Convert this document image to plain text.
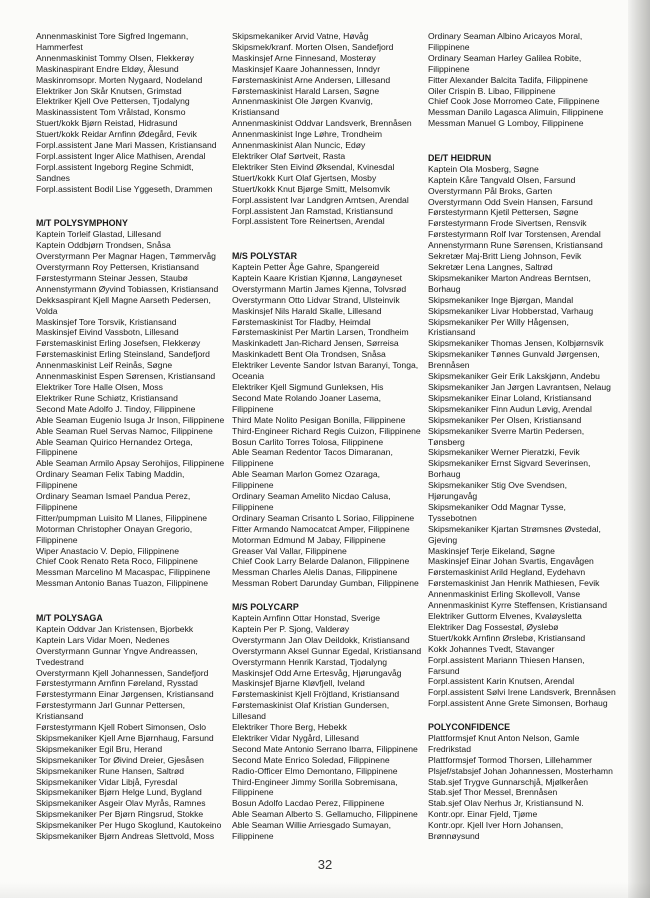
Annenmaskinist Tore Sigfred Ingemann,
Hammerfest
Annenmaskinist Tommy Olsen, Flekkerøy
Maskinaspirant Endre Eldøy, Ålesund
Maskinromsopr. Morten Nygaard, Nodeland
Elektriker Jon Skår Knutsen, Grimstad
Elektriker Kjell Ove Pettersen, Tjodalyng
Maskinassistent Tom Vrålstad, Konsmo
Stuert/kokk Bjørn Reistad, Hidrasund
Stuert/kokk Reidar Arnfinn Ødegård, Fevik
Forpl.assistent Jane Mari Massen, Kristiansand
Forpl.assistent Inger Alice Mathisen, Arendal
Forpl.assistent Ingeborg Regine Schmidt,
Sandnes
Forpl.assistent Bodil Lise Yggeseth, Drammen
M/T POLYSYMPHONY
Kaptein Torleif Glastad, Lillesand
Kaptein Oddbjørn Trondsen, Snåsa
Overstyrmann Per Magnar Hagen, Tømmervåg
Overstyrmann Roy Pettersen, Kristiansand
Førstestyrmann Steinar Jessen, Staubø
Annenstyrmann Øyvind Tobiassen, Kristiansand
Dekksaspirant Kjell Magne Aarseth Pedersen,
Volda
Maskinsjef Tore Torsvik, Kristiansand
Maskinsjef Eivind Vassbotn, Lillesand
Førstemaskinist Erling Josefsen, Flekkerøy
Førstemaskinist Erling Steinsland, Sandefjord
Annenmaskinist Leif Reinås, Søgne
Annenmaskinist Espen Sørensen, Kristiansand
Elektriker Tore Halle Olsen, Moss
Elektriker Rune Schiøtz, Kristiansand
Second Mate Adolfo J. Tindoy, Filippinene
Able Seaman Eugenio Isuga Jr Inson, Filippinene
Able Seaman Ruel Servas Namoc, Filippinene
Able Seaman Quirico Hernandez Ortega,
Filippinene
Able Seaman Armilo Apsay Serohijos, Filippinene
Ordinary Seaman Felix Tabing Maddin,
Filippinene
Ordinary Seaman Ismael Pandua Perez,
Filippinene
Fitter/pumpman Luisito M Llanes, Filippinene
Motorman Christopher Onayan Gregorio,
Filippinene
Wiper Anastacio V. Depio, Filippinene
Chief Cook Renato Reta Roco, Filippinene
Messman Marcelino M Macaspac, Filippinene
Messman Antonio Banas Tuazon, Filippinene
M/T POLYSAGA
Kaptein Oddvar Jan Kristensen, Bjorbekk
Kaptein Lars Vidar Moen, Nedenes
Overstyrmann Gunnar Yngve Andreassen,
Tvedestrand
Overstyrmann Kjell Johannessen, Sandefjord
Førstestyrmann Arnfinn Føreland, Rysstad
Førstestyrmann Einar Jørgensen, Kristiansand
Førstestyrmann Jarl Gunnar Pettersen,
Kristiansand
Førstestyrmann Kjell Robert Simonsen, Oslo
Skipsmekaniker Kjell Arne Bjørnhaug, Farsund
Skipsmekaniker Egil Bru, Herand
Skipsmekaniker Tor Øivind Dreier, Gjesåsen
Skipsmekaniker Rune Hansen, Saltrød
Skipsmekaniker Vidar Libjå, Fyresdal
Skipsmekaniker Bjørn Helge Lund, Bygland
Skipsmekaniker Asgeir Olav Myrås, Ramnes
Skipsmekaniker Per Bjørn Ringsrud, Stokke
Skipsmekaniker Per Hugo Skoglund, Kautokeino
Skipsmekaniker Bjørn Andreas Slettvold, Moss
Skipsmekaniker Arvid Vatne, Høvåg
Skipsmek/kranf. Morten Olsen, Sandefjord
Maskinsjef Arne Finnesand, Mosterøy
Maskinsjef Kaare Johannessen, Inndyr
Førstemaskinist Arne Andersen, Lillesand
Førstemaskinist Harald Larsen, Søgne
Annenmaskinist Ole Jørgen Kvanvig,
Kristiansand
Annenmaskinist Oddvar Landsverk, Brennåsen
Annenmaskinist Inge Løhre, Trondheim
Annenmaskinist Alan Nuncic, Edøy
Elektriker Olaf Sørtveit, Rasta
Elektriker Sten Eivind Øksendal, Kvinesdal
Stuert/kokk Kurt Olaf Gjertsen, Mosby
Stuert/kokk Knut Bjørge Smitt, Melsomvik
Forpl.assistent Ivar Landgren Arntsen, Arendal
Forpl.assistent Jan Ramstad, Kristiansund
Forpl.assistent Tore Reinertsen, Arendal
M/S POLYSTAR
Kaptein Petter Åge Gahre, Spangereid
Kaptein Kaare Kristian Kjønnø, Langøyneset
Overstyrmann Martin James Kjenna, Tolvsrød
Overstyrmann Otto Lidvar Strand, Ulsteinvik
Maskinsjef Nils Harald Skalle, Lillesand
Førstemaskinist Tor Fladby, Heimdal
Førstemaskinist Per Martin Larsen, Trondheim
Maskinkadett Jan-Richard Jensen, Sørreisa
Maskinkadett Bent Ola Trondsen, Snåsa
Elektriker Levente Sandor Istvan Baranyi, Tonga,
Oceania
Elektriker Kjell Sigmund Gunleksen, His
Second Mate Rolando Joaner Lasema,
Filippinene
Third Mate Nolito Pesigan Bonilla, Filippinene
Third-Engineer Richard Regis Cuizon, Filippinene
Bosun Carlito Torres Tolosa, Filippinene
Able Seaman Redentor Tacos Dimaranan,
Filippinene
Able Seaman Marlon Gomez Ozaraga,
Filippinene
Ordinary Seaman Amelito Nicdao Calusa,
Filippinene
Ordinary Seaman Crisanto L Soriao, Filippinene
Fitter Armando Namocatcat Amper, Filippinene
Motorman Edmund M Jabay, Filippinene
Greaser Val Vallar, Filippinene
Chief Cook Larry Belarde Dalanon, Filippinene
Messman Charles Alelis Danas, Filippinene
Messman Robert Darunday Gumban, Filippinene
M/S POLYCARP
Kaptein Arnfinn Ottar Honstad, Sverige
Kaptein Per P. Sjong, Valderøy
Overstyrmann Jan Olav Deildokk, Kristiansand
Overstyrmann Aksel Gunnar Egedal, Kristiansand
Overstyrmann Henrik Karstad, Tjodalyng
Maskinsjef Odd Arne Ertesvåg, Hjørungavåg
Maskinsjef Bjarne Kløvfjell, Iveland
Førstemaskinist Kjell Fröjtland, Kristiansand
Førstemaskinist Olaf Kristian Gundersen,
Lillesand
Elektriker Thore Berg, Hebekk
Elektriker Vidar Nygård, Lillesand
Second Mate Antonio Serrano Ibarra, Filippinene
Second Mate Enrico Soledad, Filippinene
Radio-Officer Elmo Demontano, Filippinene
Third-Engineer Jimmy Sorilla Sobremisana,
Filippinene
Bosun Adolfo Lacdao Perez, Filippinene
Able Seaman Alberto S. Gellamucho, Filippinene
Able Seaman Willie Arriesgado Sumayan,
Filippinene
Ordinary Seaman Albino Aricayos Moral,
Filippinene
Ordinary Seaman Harley Galilea Robite,
Filippinene
Fitter Alexander Balcita Tadifa, Filippinene
Oiler Crispin B. Libao, Filippinene
Chief Cook Jose Morromeo Cate, Filippinene
Messman Danilo Lagasca Alimuin, Filippinene
Messman Manuel G Lomboy, Filippinene
DE/T HEIDRUN
Kaptein Ola Mosberg, Søgne
Kaptein Kåre Tangvald Olsen, Farsund
Overstyrmann Pål Broks, Garten
Overstyrmann Odd Svein Hansen, Farsund
Førstestyrmann Kjetil Pettersen, Søgne
Førstestyrmann Frode Sivertsen, Rensvik
Førstestyrmann Rolf Ivar Torstensen, Arendal
Annenstyrmann Rune Sørensen, Kristiansand
Sekretær Maj-Britt Lieng Johnson, Fevik
Sekretær Lena Langnes, Saltrød
Skipsmekaniker Marton Andreas Berntsen,
Borhaug
Skipsmekaniker Inge Bjørgan, Mandal
Skipsmekaniker Livar Hobberstad, Varhaug
Skipsmekaniker Per Willy Hågensen,
Kristiansand
Skipsmekaniker Thomas Jensen, Kolbjørnsvik
Skipsmekaniker Tønnes Gunvald Jørgensen,
Brennåsen
Skipsmekaniker Geir Erik Lakskjønn, Andebu
Skipsmekaniker Jan Jørgen Lavrantsen, Nelaug
Skipsmekaniker Einar Loland, Kristiansand
Skipsmekaniker Finn Audun Løvig, Arendal
Skipsmekaniker Per Olsen, Kristiansand
Skipsmekaniker Sverre Martin Pedersen,
Tønsberg
Skipsmekaniker Werner Pieratzki, Fevik
Skipsmekaniker Ernst Sigvard Severinsen,
Borhaug
Skipsmekaniker Stig Ove Svendsen,
Hjørungavåg
Skipsmekaniker Odd Magnar Tysse,
Tyssebotnen
Skipsmekaniker Kjartan Strømsnes Øvstedal,
Gjeving
Maskinsjef Terje Eikeland, Søgne
Maskinsjef Einar Johan Svartis, Engavågen
Førstemaskinist Arild Hegland, Eydehavn
Førstemaskinist Jan Henrik Mathiesen, Fevik
Annenmaskinist Erling Skollevoll, Vanse
Annenmaskinist Kyrre Steffensen, Kristiansand
Elektriker Guttorm Elvenes, Kvaløysletta
Elektriker Dag Fossestøl, Øyslebø
Stuert/kokk Arnfinn Ørslebø, Kristiansand
Kokk Johannes Tvedt, Stavanger
Forpl.assistent Mariann Thiesen Hansen,
Farsund
Forpl.assistent Karin Knutsen, Arendal
Forpl.assistent Sølvi Irene Landsverk, Brennåsen
Forpl.assistent Anne Grete Simonsen, Borhaug
POLYCONFIDENCE
Plattformsjef Knut Anton Nelson, Gamle
Fredrikstad
Plattformsjef Tormod Thorsen, Lillehammer
Plsjef/stabsjef Johan Johannessen, Mosterhamn
Stab.sjef Trygve Gunnarschjå, Mjølkeråen
Stab.sjef Thor Messel, Brennåsen
Stab.sjef Olav Nerhus Jr, Kristiansund N.
Kontr.opr. Einar Fjeld, Tjøme
Kontr.opr. Kjell Iver Horn Johansen,
Brønnøysund
32
